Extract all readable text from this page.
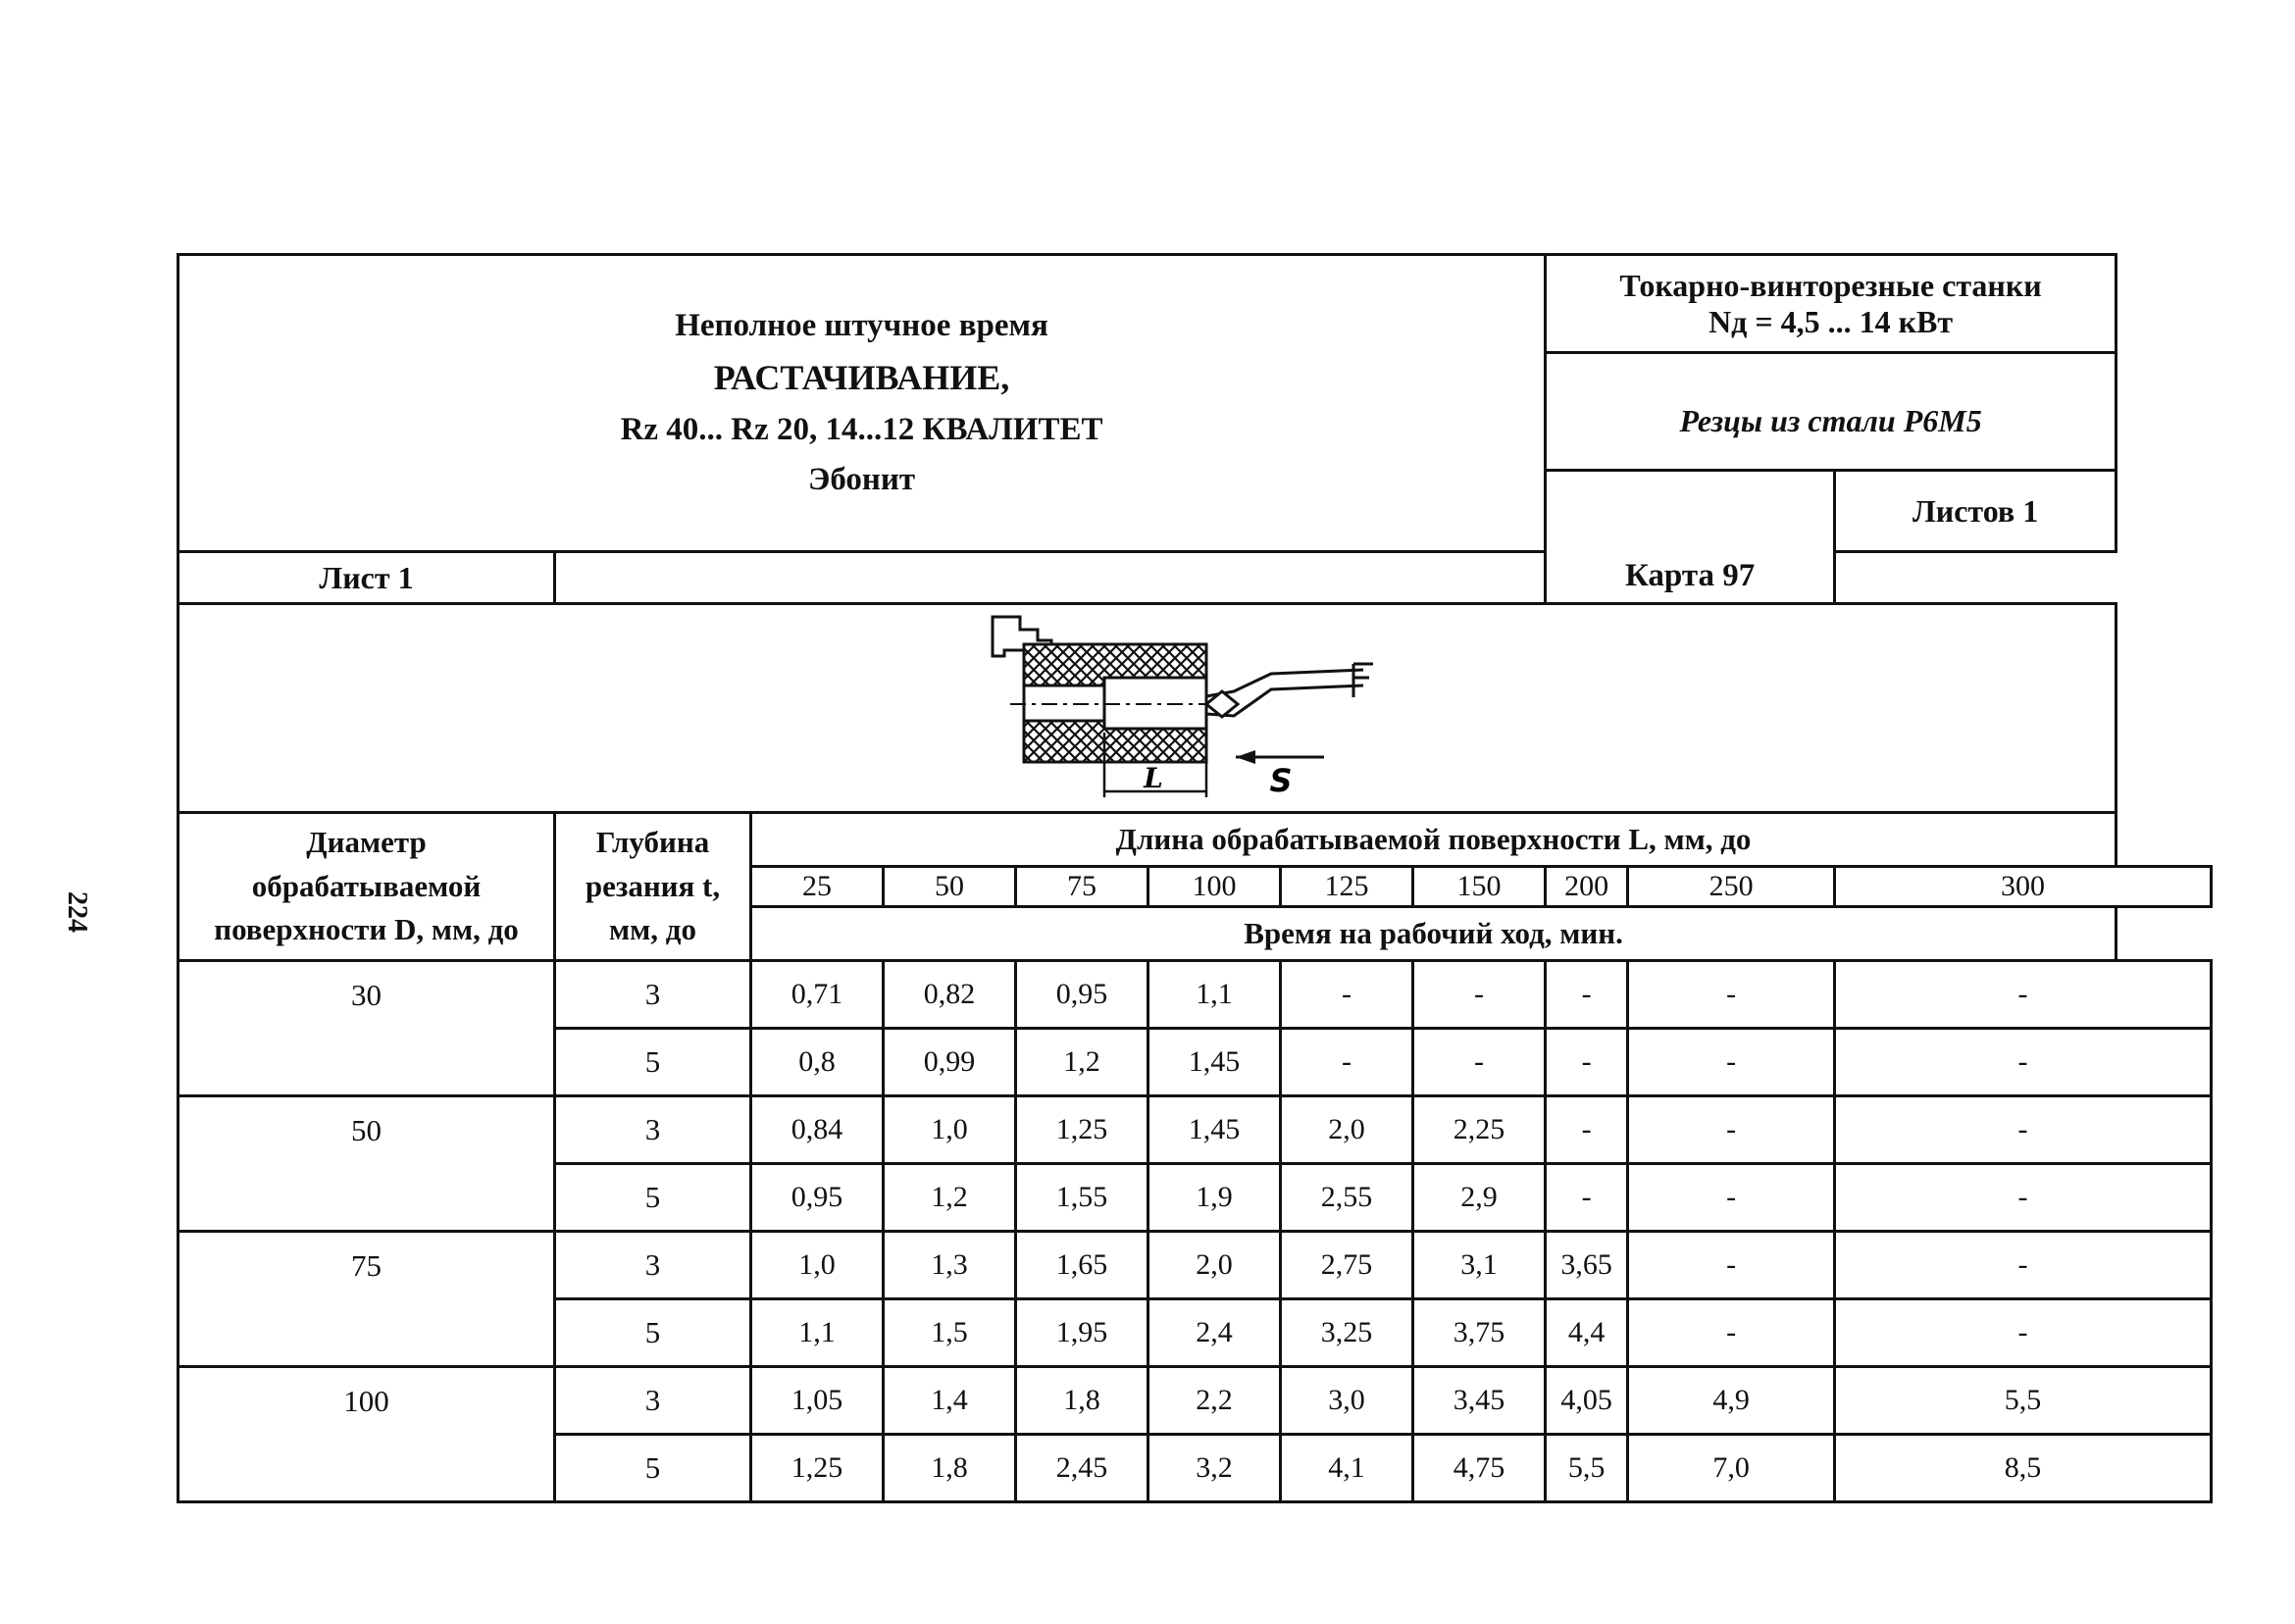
224
Неполное штучное время
РАСТАЧИВАНИЕ,
Rz 40... Rz 20, 14...12 КВАЛИТЕТ
Эбонит								Токарно-винторезные станки
Nд = 4,5 ... 14 кВт		

								Резцы из стали Р6М5		
								Карта 97		Листов 1
Лист 1										

L S										

Диаметр
обрабатываемой
поверхности D, мм, до	Глубина
резания t,
мм, до	Длина обрабатываемой поверхности L, мм, до								
		25	50	75	100	125	150	200	250	300
		Время на рабочий ход, мин.								
30	3	0,71	0,82	0,95	1,1	-	-	-	-	-
	5	0,8	0,99	1,2	1,45	-	-	-	-	-
50	3	0,84	1,0	1,25	1,45	2,0	2,25	-	-	-
	5	0,95	1,2	1,55	1,9	2,55	2,9	-	-	-
75	3	1,0	1,3	1,65	2,0	2,75	3,1	3,65	-	-
	5	1,1	1,5	1,95	2,4	3,25	3,75	4,4	-	-
100	3	1,05	1,4	1,8	2,2	3,0	3,45	4,05	4,9	5,5
	5	1,25	1,8	2,45	3,2	4,1	4,75	5,5	7,0	8,5
